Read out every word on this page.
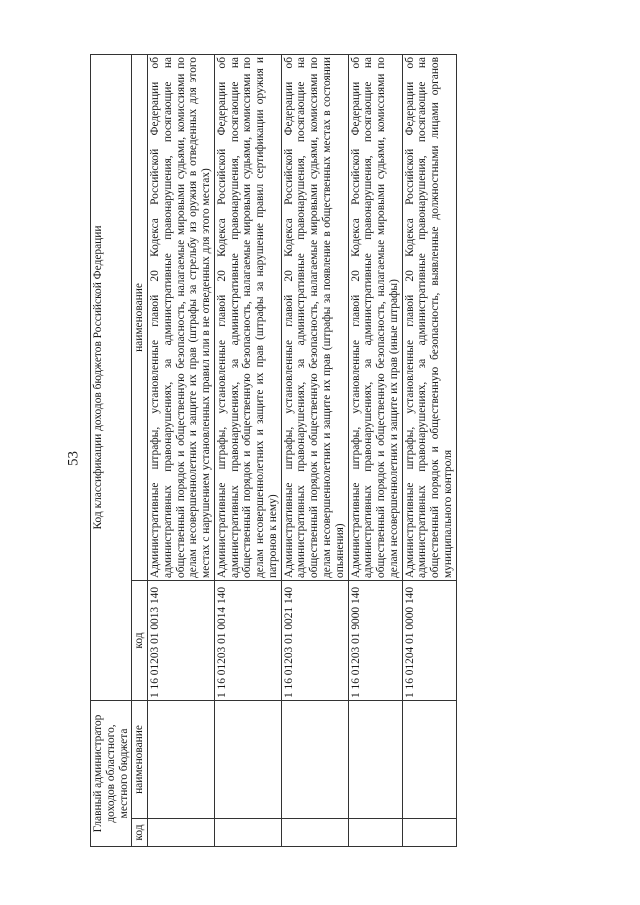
53
Главный администратор доходов областного, местного бюджета		Код классификации доходов бюджетов Российской Федерации	
код	наименование	код	наименование
		1 16 01203 01 0013 140	Административные штрафы, установленные главой 20 Кодекса Российской Федерации об административных правонарушениях, за административные правонарушения, посягающие на общественный порядок и общественную безопасность, налагаемые мировыми судьями, комиссиями по делам несовершеннолетних и защите их прав (штрафы за стрельбу из оружия в отведенных для этого местах с нарушением установленных правил или в не отведенных для этого местах)
		1 16 01203 01 0014 140	Административные штрафы, установленные главой 20 Кодекса Российской Федерации об административных правонарушениях, за административные правонарушения, посягающие на общественный порядок и общественную безопасность, налагаемые мировыми судьями, комиссиями по делам несовершеннолетних и защите их прав (штрафы за нарушение правил сертификации оружия и патронов к нему)
		1 16 01203 01 0021 140	Административные штрафы, установленные главой 20 Кодекса Российской Федерации об административных правонарушениях, за административные правонарушения, посягающие на общественный порядок и общественную безопасность, налагаемые мировыми судьями, комиссиями по делам несовершеннолетних и защите их прав (штрафы за появление в общественных местах в состоянии опьянения)
		1 16 01203 01 9000 140	Административные штрафы, установленные главой 20 Кодекса Российской Федерации об административных правонарушениях, за административные правонарушения, посягающие на общественный порядок и общественную безопасность, налагаемые мировыми судьями, комиссиями по делам несовершеннолетних и защите их прав (иные штрафы)
		1 16 01204 01 0000 140	Административные штрафы, установленные главой 20 Кодекса Российской Федерации об административных правонарушениях, за административные правонарушения, посягающие на общественный порядок и общественную безопасность, выявленные должностными лицами органов муниципального контроля
